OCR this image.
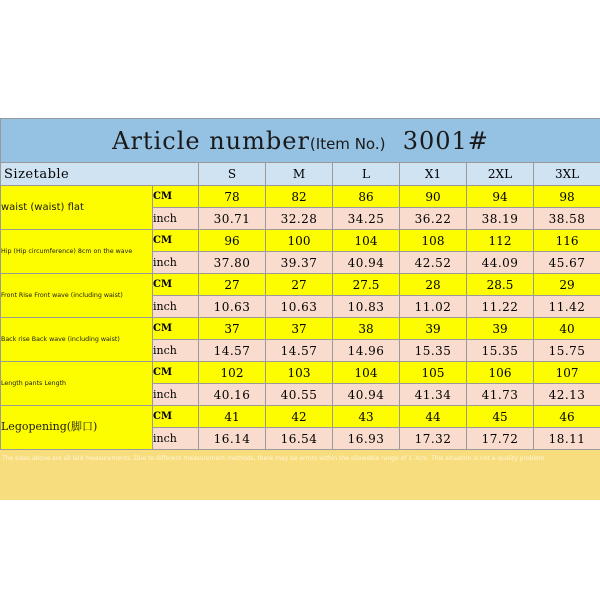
Article number(Item No.) 3001#							
Sizetable		S	M	L	X1	2XL	3XL
waist (waist) flat	CM	78	82	86	90	94	98
	inch	30.71	32.28	34.25	36.22	38.19	38.58
Hip (Hip circumference) 8cm on the wave	CM	96	100	104	108	112	116
	inch	37.80	39.37	40.94	42.52	44.09	45.67
Front Rise Front wave (including waist)	CM	27	27	27.5	28	28.5	29
	inch	10.63	10.63	10.83	11.02	11.22	11.42
Back rise Back wave (including waist)	CM	37	37	38	39	39	40
	inch	14.57	14.57	14.96	15.35	15.35	15.75
Length pants Length	CM	102	103	104	105	106	107
	inch	40.16	40.55	40.94	41.34	41.73	42.13
Legopening(脚口)	CM	41	42	43	44	45	46
	inch	16.14	16.54	16.93	17.32	17.72	18.11
The sizes above are all laid measurements. Due to different measurement methods, there may be errors within the allowable range of 1-3cm. This situation is not a quality problem.
